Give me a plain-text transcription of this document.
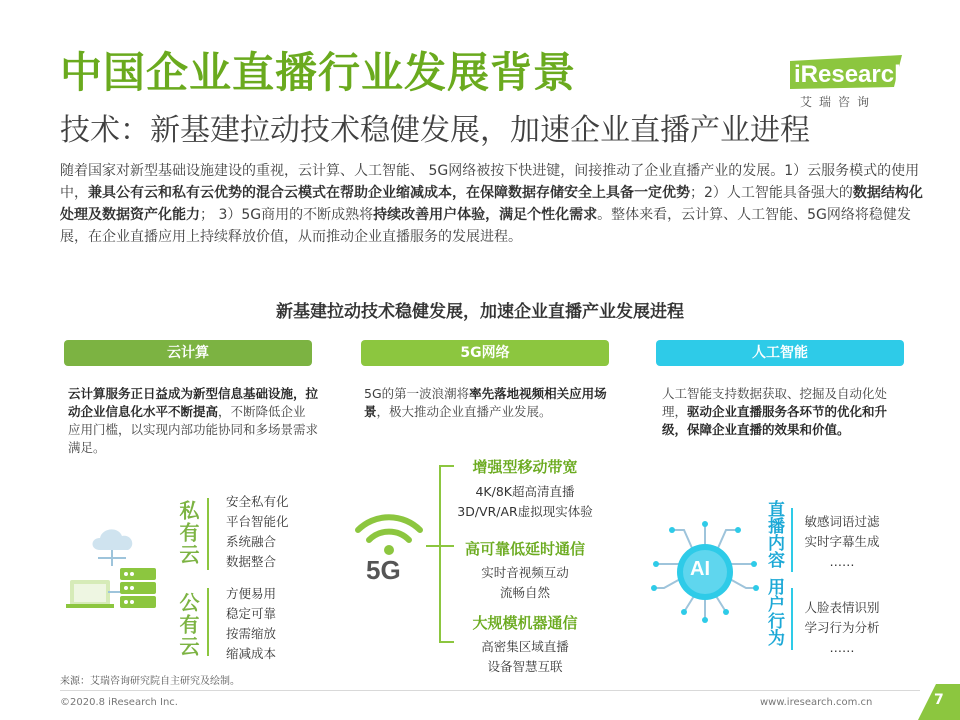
中国企业直播行业发展背景
技术：新基建拉动技术稳健发展，加速企业直播产业进程
iResearch
艾瑞咨询
随着国家对新型基础设施建设的重视，云计算、人工智能、 5G网络被按下快进键，间接推动了企业直播产业的发展。1）云服务模式的使用中，兼具公有云和私有云优势的混合云模式在帮助企业缩减成本，在保障数据存储安全上具备一定优势；2）人工智能具备强大的数据结构化处理及数据资产化能力； 3）5G商用的不断成熟将持续改善用户体验，满足个性化需求。整体来看，云计算、人工智能、5G网络将稳健发展，在企业直播应用上持续释放价值，从而推动企业直播服务的发展进程。
新基建拉动技术稳健发展，加速企业直播产业发展进程
云计算	5G网络	人工智能
云计算服务正日益成为新型信息基础设施，拉动企业信息化水平不断提高，不断降低企业应用门槛，以实现内部功能协同和多场景需求满足。
5G的第一波浪潮将率先落地视频相关应用场景，极大推动企业直播产业发展。
人工智能支持数据获取、挖掘及自动化处理，驱动企业直播服务各环节的优化和升级，保障企业直播的效果和价值。
私有云
公有云
安全私有化
平台智能化
系统融合
数据整合
方便易用
稳定可靠
按需缩放
缩减成本
5G
增强型移动带宽
4K/8K超高清直播
3D/VR/AR虚拟现实体验
高可靠低延时通信
实时音视频互动
流畅自然
大规模机器通信
高密集区域直播
设备智慧互联
AI
直播内容
用户行为
敏感词语过滤
实时字幕生成
……
人脸表情识别
学习行为分析
……
来源：艾瑞咨询研究院自主研究及绘制。
©2020.8 iResearch Inc.	www.iresearch.com.cn	7
